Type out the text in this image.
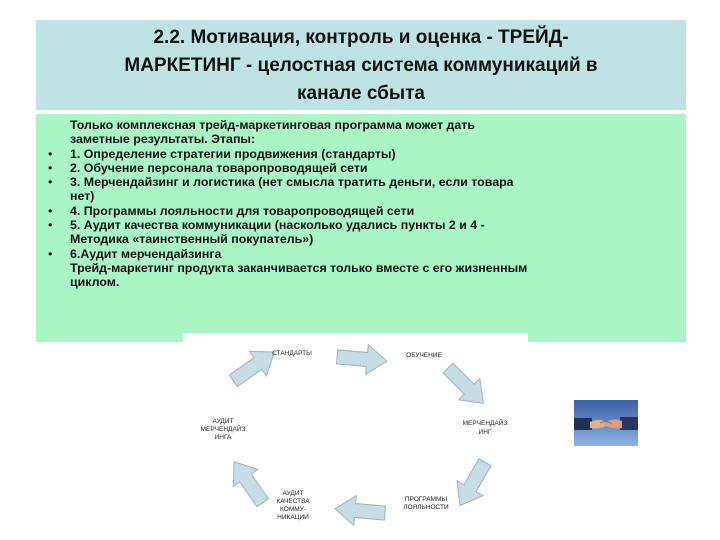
2.2. Мотивация, контроль и оценка - ТРЕЙД-
МАРКЕТИНГ - целостная система коммуникаций в
канале сбыта

Только комплексная трейд-маркетинговая программа может дать

заметные результаты. Этапы:

• 1. Определение стратегии продвижения (стандарты)

• 2. Обучение персонала товаропроводящей сети

• 3. Мерчендайзинг и логистика (нет смысла тратить деньги, если товара

нет)

• 4. Программы лояльности для товаропроводящей сети

• 5. Аудит качества коммуникации (насколько удались пункты 2 и 4 -

Методика «таинственный покупатель»)

• 6.Аудит мерчендайзинга

Трейд-маркетинг продукта заканчивается только вместе с его жизненным

циклом.

СТАНДАРТЫ	ОБУЧЕНИЕ
МЕРЧЕНДАЙЗ
ИНГ
ПРОГРАММЫ
ЛОЯЛЬНОСТИ
АУДИТ
КАЧЕСТВА
КОММУ-
НИКАЦИИ
АУДИТ
МЕРЧЕНДАЙЗ
ИНГА
